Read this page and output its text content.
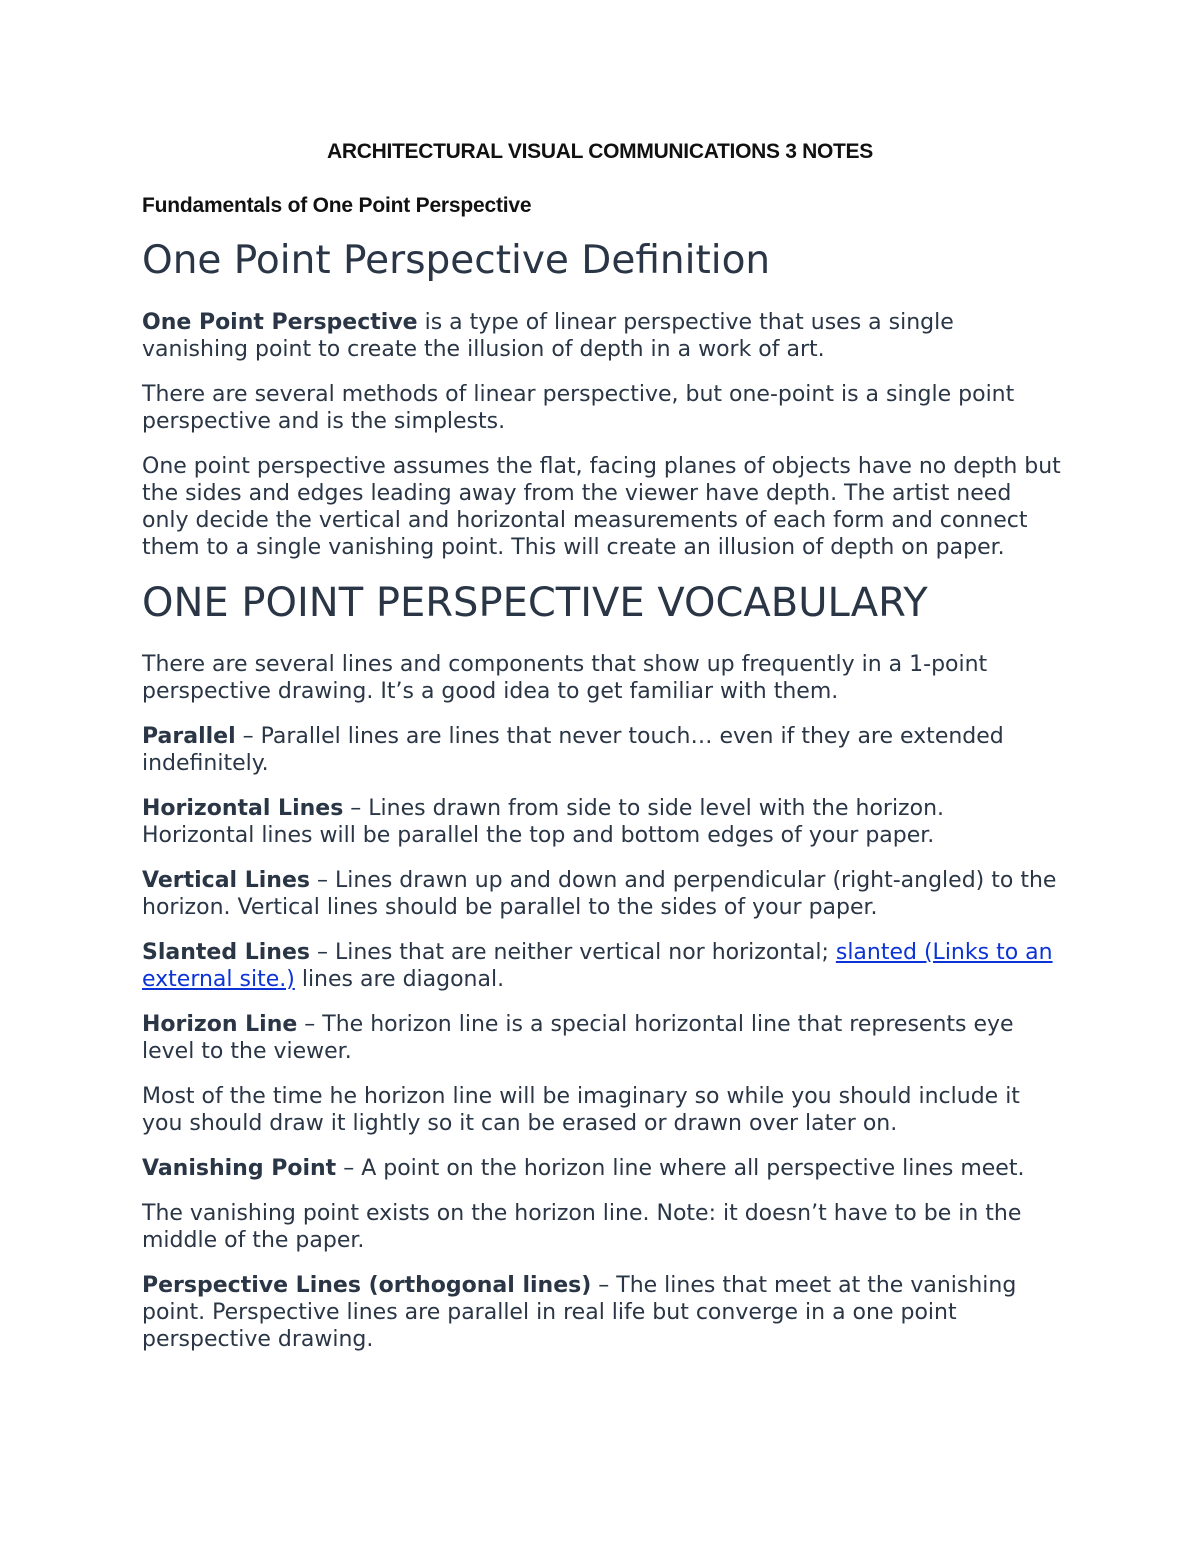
ARCHITECTURAL VISUAL COMMUNICATIONS 3 NOTES
Fundamentals of One Point Perspective
One Point Perspective Definition

One Point Perspective is a type of linear perspective that uses a single vanishing point to create the illusion of depth in a work of art.

There are several methods of linear perspective, but one-point is a single point perspective and is the simplests.

One point perspective assumes the flat, facing planes of objects have no depth but the sides and edges leading away from the viewer have depth. The artist need only decide the vertical and horizontal measurements of each form and connect them to a single vanishing point. This will create an illusion of depth on paper.

ONE POINT PERSPECTIVE VOCABULARY

There are several lines and components that show up frequently in a 1-point perspective drawing. It’s a good idea to get familiar with them.

Parallel – Parallel lines are lines that never touch… even if they are extended indefinitely.

Horizontal Lines – Lines drawn from side to side level with the horizon. Horizontal lines will be parallel the top and bottom edges of your paper.

Vertical Lines – Lines drawn up and down and perpendicular (right-angled) to the horizon. Vertical lines should be parallel to the sides of your paper.

Slanted Lines – Lines that are neither vertical nor horizontal; slanted (Links to an external site.) lines are diagonal.

Horizon Line – The horizon line is a special horizontal line that represents eye level to the viewer.

Most of the time he horizon line will be imaginary so while you should include it you should draw it lightly so it can be erased or drawn over later on.

Vanishing Point – A point on the horizon line where all perspective lines meet.

The vanishing point exists on the horizon line. Note: it doesn’t have to be in the middle of the paper.

Perspective Lines (orthogonal lines) – The lines that meet at the vanishing point. Perspective lines are parallel in real life but converge in a one point perspective drawing.
